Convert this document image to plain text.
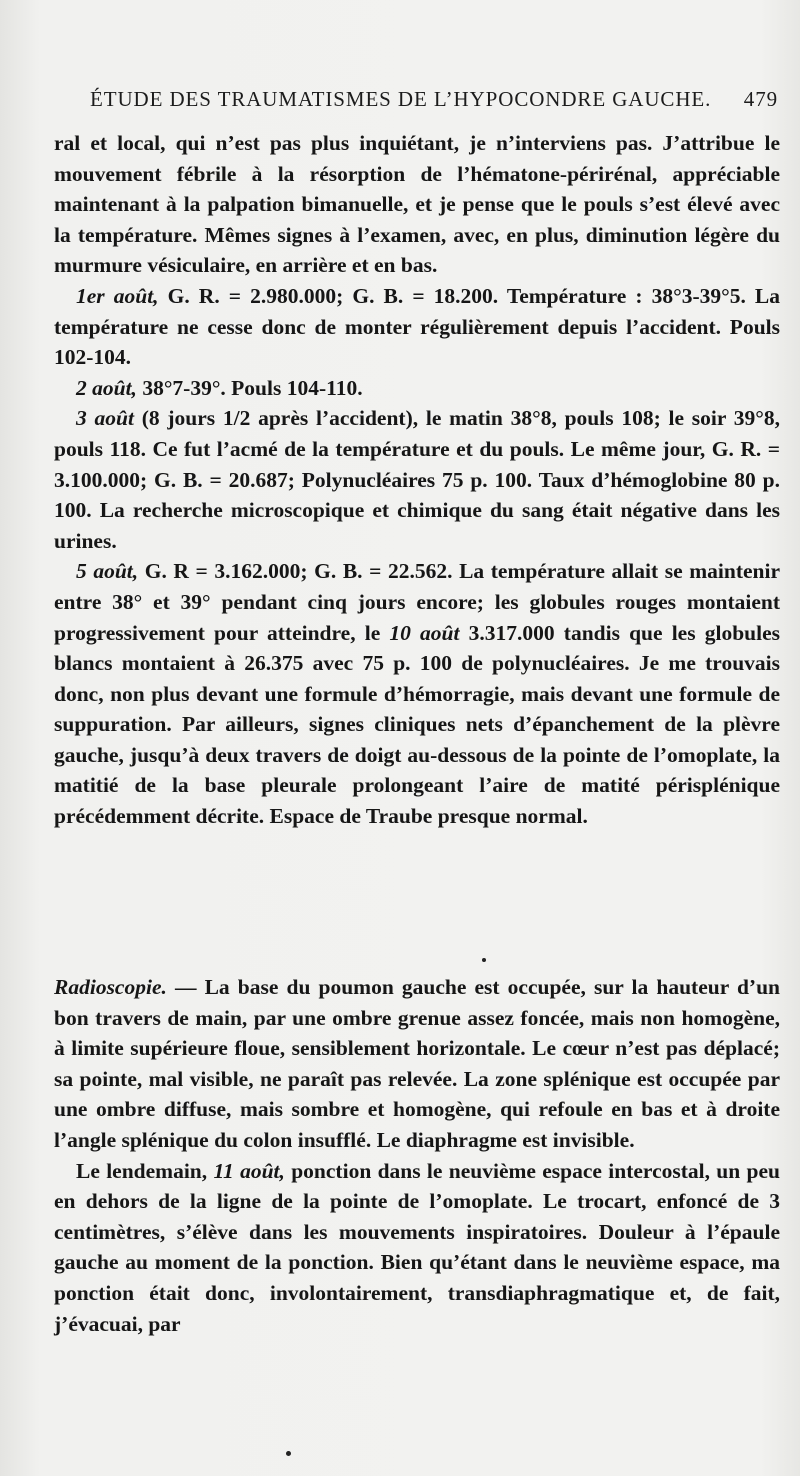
ÉTUDE DES TRAUMATISMES DE L’HYPOCONDRE GAUCHE. 479

ral et local, qui n’est pas plus inquiétant, je n’interviens pas. J’attribue le mouvement fébrile à la résorption de l’hématone-périrénal, appréciable maintenant à la palpation bimanuelle, et je pense que le pouls s’est élevé avec la température. Mêmes signes à l’examen, avec, en plus, diminution légère du murmure vésiculaire, en arrière et en bas.

1er août, G. R. = 2.980.000; G. B. = 18.200. Température : 38°3-39°5. La température ne cesse donc de monter régulièrement depuis l’accident. Pouls 102-104.

2 août, 38°7-39°. Pouls 104-110.

3 août (8 jours 1/2 après l’accident), le matin 38°8, pouls 108; le soir 39°8, pouls 118. Ce fut l’acmé de la température et du pouls. Le même jour, G. R. = 3.100.000; G. B. = 20.687; Polynucléaires 75 p. 100. Taux d’hémoglobine 80 p. 100. La recherche microscopique et chimique du sang était négative dans les urines.

5 août, G. R = 3.162.000; G. B. = 22.562. La température allait se maintenir entre 38° et 39° pendant cinq jours encore; les globules rouges montaient progressivement pour atteindre, le 10 août 3.317.000 tandis que les globules blancs montaient à 26.375 avec 75 p. 100 de polynucléaires. Je me trouvais donc, non plus devant une formule d’hémorragie, mais devant une formule de suppuration. Par ailleurs, signes cliniques nets d’épanchement de la plèvre gauche, jusqu’à deux travers de doigt au-dessous de la pointe de l’omoplate, la matitié de la base pleurale prolongeant l’aire de matité périsplénique précédemment décrite. Espace de Traube presque normal.

Radioscopie. — La base du poumon gauche est occupée, sur la hauteur d’un bon travers de main, par une ombre grenue assez foncée, mais non homogène, à limite supérieure floue, sensiblement horizontale. Le cœur n’est pas déplacé; sa pointe, mal visible, ne paraît pas relevée. La zone splénique est occupée par une ombre diffuse, mais sombre et homogène, qui refoule en bas et à droite l’angle splénique du colon insufflé. Le diaphragme est invisible.

Le lendemain, 11 août, ponction dans le neuvième espace intercostal, un peu en dehors de la ligne de la pointe de l’omoplate. Le trocart, enfoncé de 3 centimètres, s’élève dans les mouvements inspiratoires. Douleur à l’épaule gauche au moment de la ponction. Bien qu’étant dans le neuvième espace, ma ponction était donc, involontairement, transdiaphragmatique et, de fait, j’évacuai, par
